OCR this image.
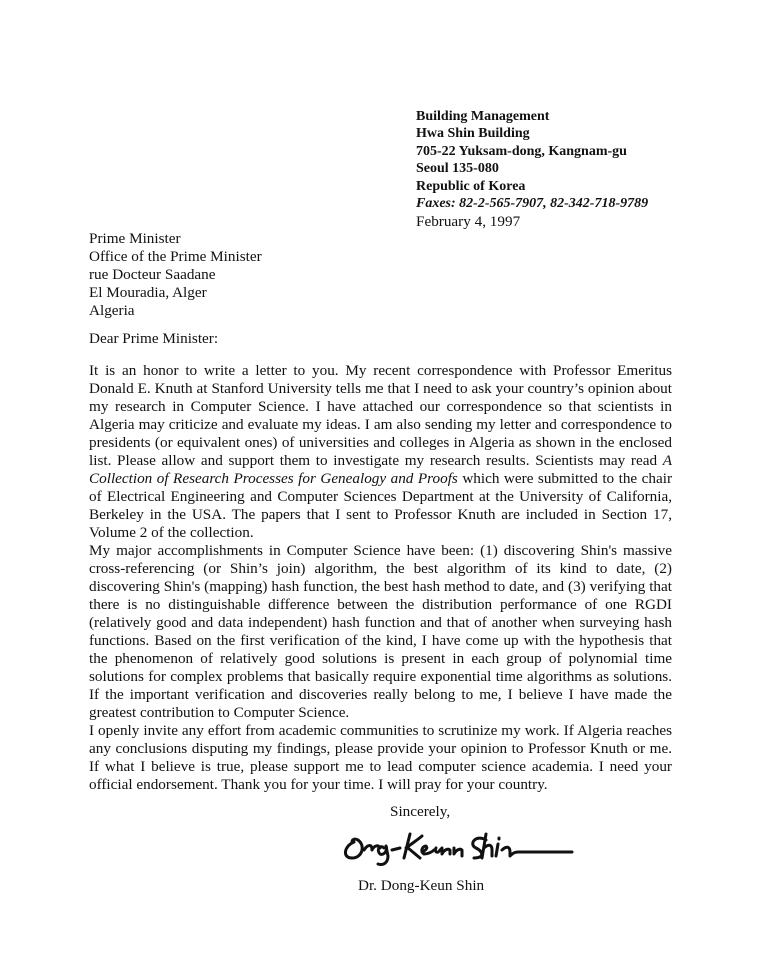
Building Management
Hwa Shin Building
705-22 Yuksam-dong, Kangnam-gu
Seoul 135-080
Republic of Korea
Faxes: 82-2-565-7907, 82-342-718-9789
February 4, 1997
Prime Minister
Office of the Prime Minister
rue Docteur Saadane
El Mouradia, Alger
Algeria
Dear Prime Minister:

It is an honor to write a letter to you. My recent correspondence with Professor Emeritus Donald E. Knuth at Stanford University tells me that I need to ask your country’s opinion about my research in Computer Science. I have attached our correspondence so that scientists in Algeria may criticize and evaluate my ideas. I am also sending my letter and correspondence to presidents (or equivalent ones) of universities and colleges in Algeria as shown in the enclosed list. Please allow and support them to investigate my research results. Scientists may read A Collection of Research Processes for Genealogy and Proofs which were submitted to the chair of Electrical Engineering and Computer Sciences Department at the University of California, Berkeley in the USA. The papers that I sent to Professor Knuth are included in Section 17, Volume 2 of the collection.

My major accomplishments in Computer Science have been: (1) discovering Shin's massive cross-referencing (or Shin’s join) algorithm, the best algorithm of its kind to date, (2) discovering Shin's (mapping) hash function, the best hash method to date, and (3) verifying that there is no distinguishable difference between the distribution performance of one RGDI (relatively good and data independent) hash function and that of another when surveying hash functions. Based on the first verification of the kind, I have come up with the hypothesis that the phenomenon of relatively good solutions is present in each group of polynomial time solutions for complex problems that basically require exponential time algorithms as solutions. If the important verification and discoveries really belong to me, I believe I have made the greatest contribution to Computer Science.

I openly invite any effort from academic communities to scrutinize my work. If Algeria reaches any conclusions disputing my findings, please provide your opinion to Professor Knuth or me. If what I believe is true, please support me to lead computer science academia. I need your official endorsement. Thank you for your time. I will pray for your country.

Sincerely,
Dr. Dong-Keun Shin
